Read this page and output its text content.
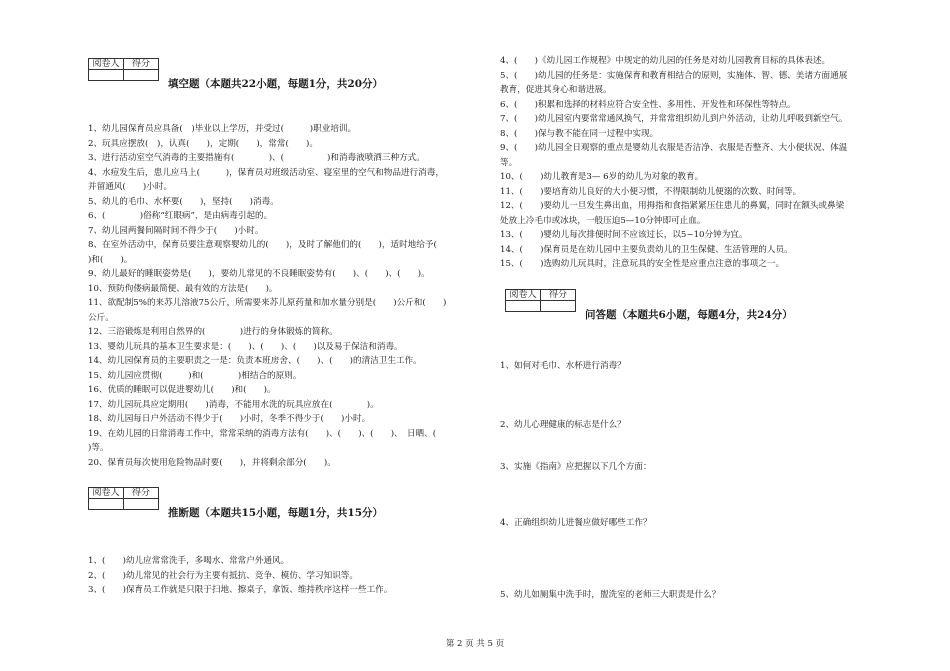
阅卷人	得分

填空题（本题共22小题，每题1分，共20分）
1、幼儿园保育员应具备(　)毕业以上学历，并受过(　　　)职业培训。
2、玩具应摆放(　)，认真(　　)，定期(　　)，常常(　　)。
3、进行活动室空气消毒的主要措施有(　　　　)、(　　　　　)和消毒液喷洒三种方式。
4、水痘发生后，患儿应马上(　　　)，保育员对班级活动室、寝室里的空气和物品进行消毒，
并留通风(　　)小时。
5、幼儿的毛巾、水杯要(　　)，坚持(　　)消毒。
6、(　　　　)俗称“红眼病”，是由病毒引起的。
7、幼儿园两餐间隔时间不得少于(　　)小时。
8、在室外活动中，保育员要注意观察婴幼儿的(　　)，及时了解他们的(　　)，适时地给予(　　
)和(　　)。
9、幼儿最好的睡眠姿势是(　　)，要幼儿常见的不良睡眠姿势有(　　)、(　　)、(　　)。
10、预防佝偻病最简便、最有效的方法是(　　)。
11、欲配制5%的来苏儿溶液75公斤，所需要来苏儿原药量和加水量分别是(　　)公斤和(　　)
公斤。
12、三浴锻炼是利用自然界的(　　　　)进行的身体锻炼的简称。
13、婴幼儿玩具的基本卫生要求是：(　　)、(　　)、(　　)以及易于保洁和消毒。
14、幼儿园保育员的主要职责之一是：负责本班房舍、(　　)、(　　)的清洁卫生工作。
15、幼儿园应贯彻(　　　)和(　　　　)相结合的原则。
16、优质的睡眠可以促进婴幼儿(　　)和(　　)。
17、幼儿园玩具应定期用(　　)消毒，不能用水洗的玩具应放在(　　　　)。
18、幼儿园每日户外活动不得少于(　　)小时，冬季不得少于(　　)小时。
19、在幼儿园的日常消毒工作中，常常采纳的消毒方法有(　　)、(　　)、(　　)、　日晒、(　　
)等。
20、保育员每次使用危险物品时要(　　)，并将剩余部分(　　)。
阅卷人	得分

推断题（本题共15小题，每题1分，共15分）
1、(　　)幼儿应常常洗手，多喝水、常常户外通风。
2、(　　)幼儿常见的社会行为主要有抵抗、竞争、模仿、学习知识等。
3、(　　)保育员工作就是只限于扫地、擦桌子，拿饭、维持秩序这样一些工作。
4、(　　)《幼儿园工作规程》中规定的幼儿园的任务是对幼儿园教育目标的具体表述。
5、(　　)幼儿园的任务是：实施保育和教育相结合的原则，实施体、智、德、美诸方面通展
教育，促进其身心和谐进展。
6、(　　)积累和选择的材料应符合安全性、多用性、开发性和环保性等特点。
7、(　　)幼儿园室内要常常通风换气，并常常组织幼儿到户外活动，让幼儿呼吸到新空气。
8、(　　)保与教不能在同一过程中实现。
9、(　　)幼儿园全日观察的重点是婴幼儿衣服是否洁净、衣服是否整齐、大小便状况、体温
等。
10、(　　)幼儿教育是3— 6岁的幼儿为对象的教育。
11、(　　)要培育幼儿良好的大小便习惯，不得限制幼儿便溺的次数、时间等。
12、(　　)要幼儿一旦发生鼻出血，用拇指和食指紧紧压住患儿的鼻翼，同时在额头或鼻梁
处放上冷毛巾或冰块，一般压迫5—10分钟即可止血。
13、(　　)婴幼儿每次排便时间不应该过长，以5~10分钟为宜。
14、(　　)保育员是在幼儿园中主要负责幼儿的卫生保健、生活管理的人员。
15、(　　)选购幼儿玩具时，注意玩具的安全性是应重点注意的事项之一。
阅卷人	得分

问答题（本题共6小题，每题4分，共24分）
1、如何对毛巾、水杯进行消毒？
2、幼儿心理健康的标志是什么？
3、实施《指南》应把握以下几个方面：
4、正确组织幼儿进餐应做好哪些工作？
5、幼儿如厕集中洗手时，盥洗室的老师三大职责是什么？
第 2 页 共 5 页
